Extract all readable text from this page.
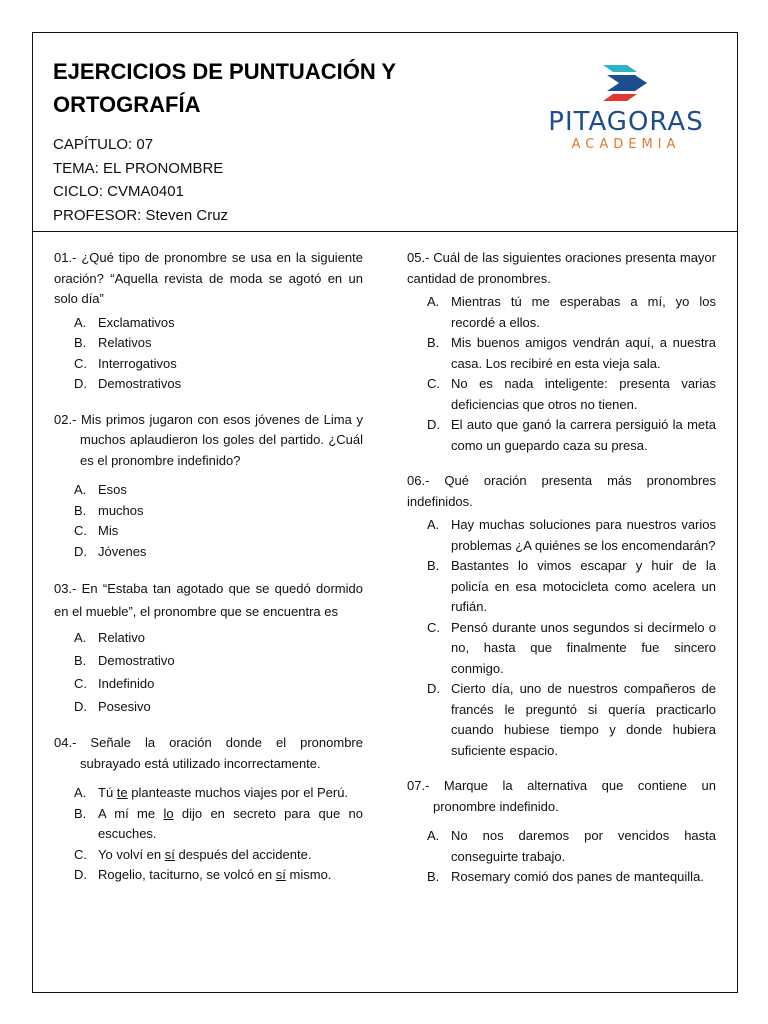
EJERCICIOS DE PUNTUACIÓN Y ORTOGRAFÍA
CAPÍTULO: 07
TEMA: EL PRONOMBRE
CICLO: CVMA0401
PROFESOR: Steven Cruz
PITAGORAS
ACADEMIA
01.- ¿Qué tipo de pronombre se usa en la siguiente oración? “Aquella revista de moda se agotó en un solo día”
A. Exclamativos
B. Relativos
C. Interrogativos
D. Demostrativos
02.- Mis primos jugaron con esos jóvenes de Lima y muchos aplaudieron los goles del partido. ¿Cuál es el pronombre indefinido?
A. Esos
B. muchos
C. Mis
D. Jóvenes
03.- En “Estaba tan agotado que se quedó dormido en el mueble”, el pronombre que se encuentra es
A. Relativo
B. Demostrativo
C. Indefinido
D. Posesivo
04.- Señale la oración donde el pronombre subrayado está utilizado incorrectamente.
A. Tú te planteaste muchos viajes por el Perú.
B. A mí me lo dijo en secreto para que no escuches.
C. Yo volví en sí después del accidente.
D. Rogelio, taciturno, se volcó en sí mismo.
05.- Cuál de las siguientes oraciones presenta mayor cantidad de pronombres.
A. Mientras tú me esperabas a mí, yo los recordé a ellos.
B. Mis buenos amigos vendrán aquí, a nuestra casa. Los recibiré en esta vieja sala.
C. No es nada inteligente: presenta varias deficiencias que otros no tienen.
D. El auto que ganó la carrera persiguió la meta como un guepardo caza su presa.
06.- Qué oración presenta más pronombres indefinidos.
A. Hay muchas soluciones para nuestros varios problemas ¿A quiénes se los encomendarán?
B. Bastantes lo vimos escapar y huir de la policía en esa motocicleta como acelera un rufián.
C. Pensó durante unos segundos si decírmelo o no, hasta que finalmente fue sincero conmigo.
D. Cierto día, uno de nuestros compañeros de francés le preguntó si quería practicarlo cuando hubiese tiempo y donde hubiera suficiente espacio.
07.- Marque la alternativa que contiene un pronombre indefinido.
A. No nos daremos por vencidos hasta conseguirte trabajo.
B. Rosemary comió dos panes de mantequilla.
